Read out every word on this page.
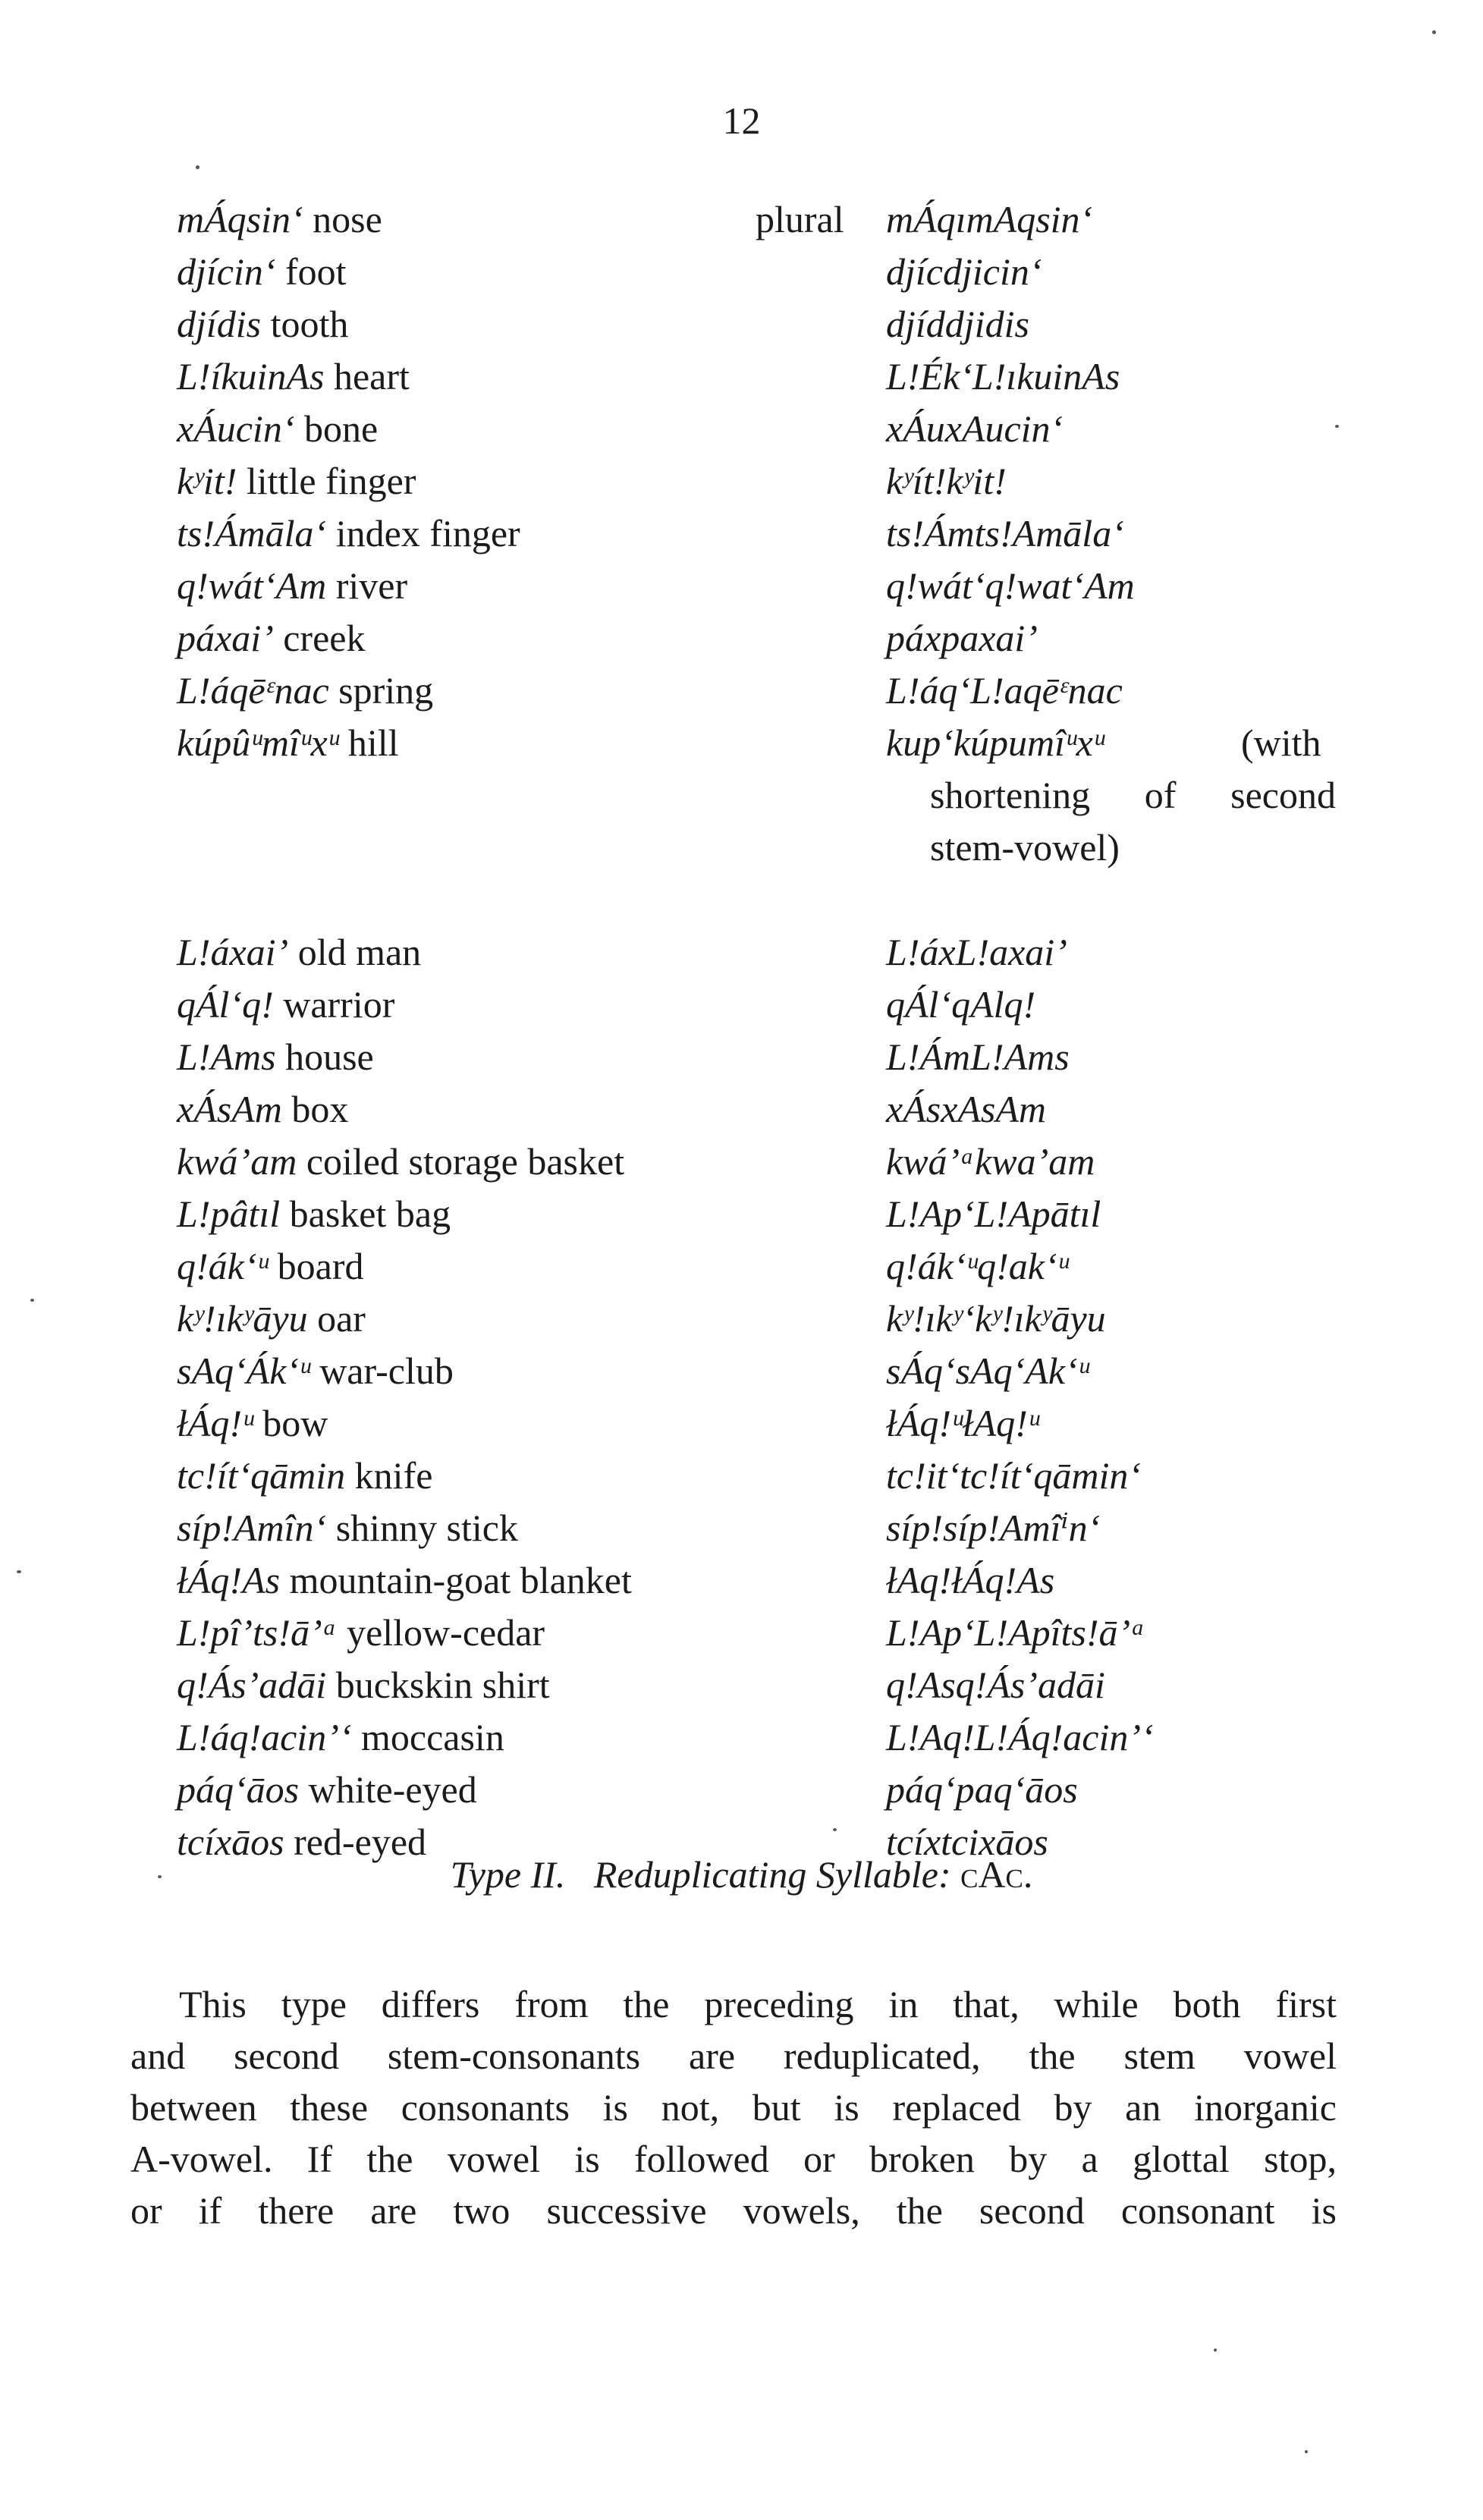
12
plural
mÁqsin‘ nose	mÁqımAqsin‘
djícin‘ foot	djícdjicin‘
djídis tooth	djíddjidis
L!íkuinAs heart	L!Ék‘L!ıkuinAs
xÁucin‘ bone	xÁuxAucin‘
kʸit! little finger	kʸít!kʸit!
ts!Ámāla‘ index finger	ts!Ámts!Amāla‘
q!wát‘Am river	q!wát‘q!wat‘Am
páxaiʼ creek	páxpaxaiʼ
L!áqēᵋnac spring	L!áq‘L!aqēᵋnac
kúpûᵘmîᵘxᵘ hill	kup‘kúpumîᵘxᵘ	(with
shortening of second
stem-vowel)
L!áxaiʼ old man	L!áxL!axaiʼ
qÁl‘q! warrior	qÁl‘qAlq!
L!Ams house	L!ÁmL!Ams
xÁsAm box	xÁsxAsAm
kwáʼam coiled storage basket	kwáʼᵃkwaʼam
L!pâtıl basket bag	L!Ap‘L!Apātıl
q!ák‘ᵘ board	q!ák‘ᵘq!ak‘ᵘ
kʸ!ıkʸāyu oar	kʸ!ıkʸ‘kʸ!ıkʸāyu
sAq‘Ák‘ᵘ war-club	sÁq‘sAq‘Ak‘ᵘ
łÁq!ᵘ bow	łÁq!ᵘłAq!ᵘ
tc!ít‘qāmin knife	tc!it‘tc!ít‘qāmin‘
síp!Amîn‘ shinny stick	síp!síp!Amîⁱn‘
łÁq!As mountain-goat blanket	łAq!łÁq!As
L!pîʼts!āʼᵃ yellow-cedar	L!Ap‘L!Apîts!āʼᵃ
q!Ásʼadāi buckskin shirt	q!Asq!Ásʼadāi
L!áq!acinʼ‘ moccasin	L!Aq!L!Áq!acinʼ‘
páq‘āos white-eyed	páq‘paq‘āos
tcíxāos red-eyed	tcíxtcixāos
Type II. Reduplicating Syllable: cAc.
This type differs from the preceding in that, while both first
and second stem-consonants are reduplicated, the stem vowel
between these consonants is not, but is replaced by an inorganic
A-vowel. If the vowel is followed or broken by a glottal stop,
or if there are two successive vowels, the second consonant is
